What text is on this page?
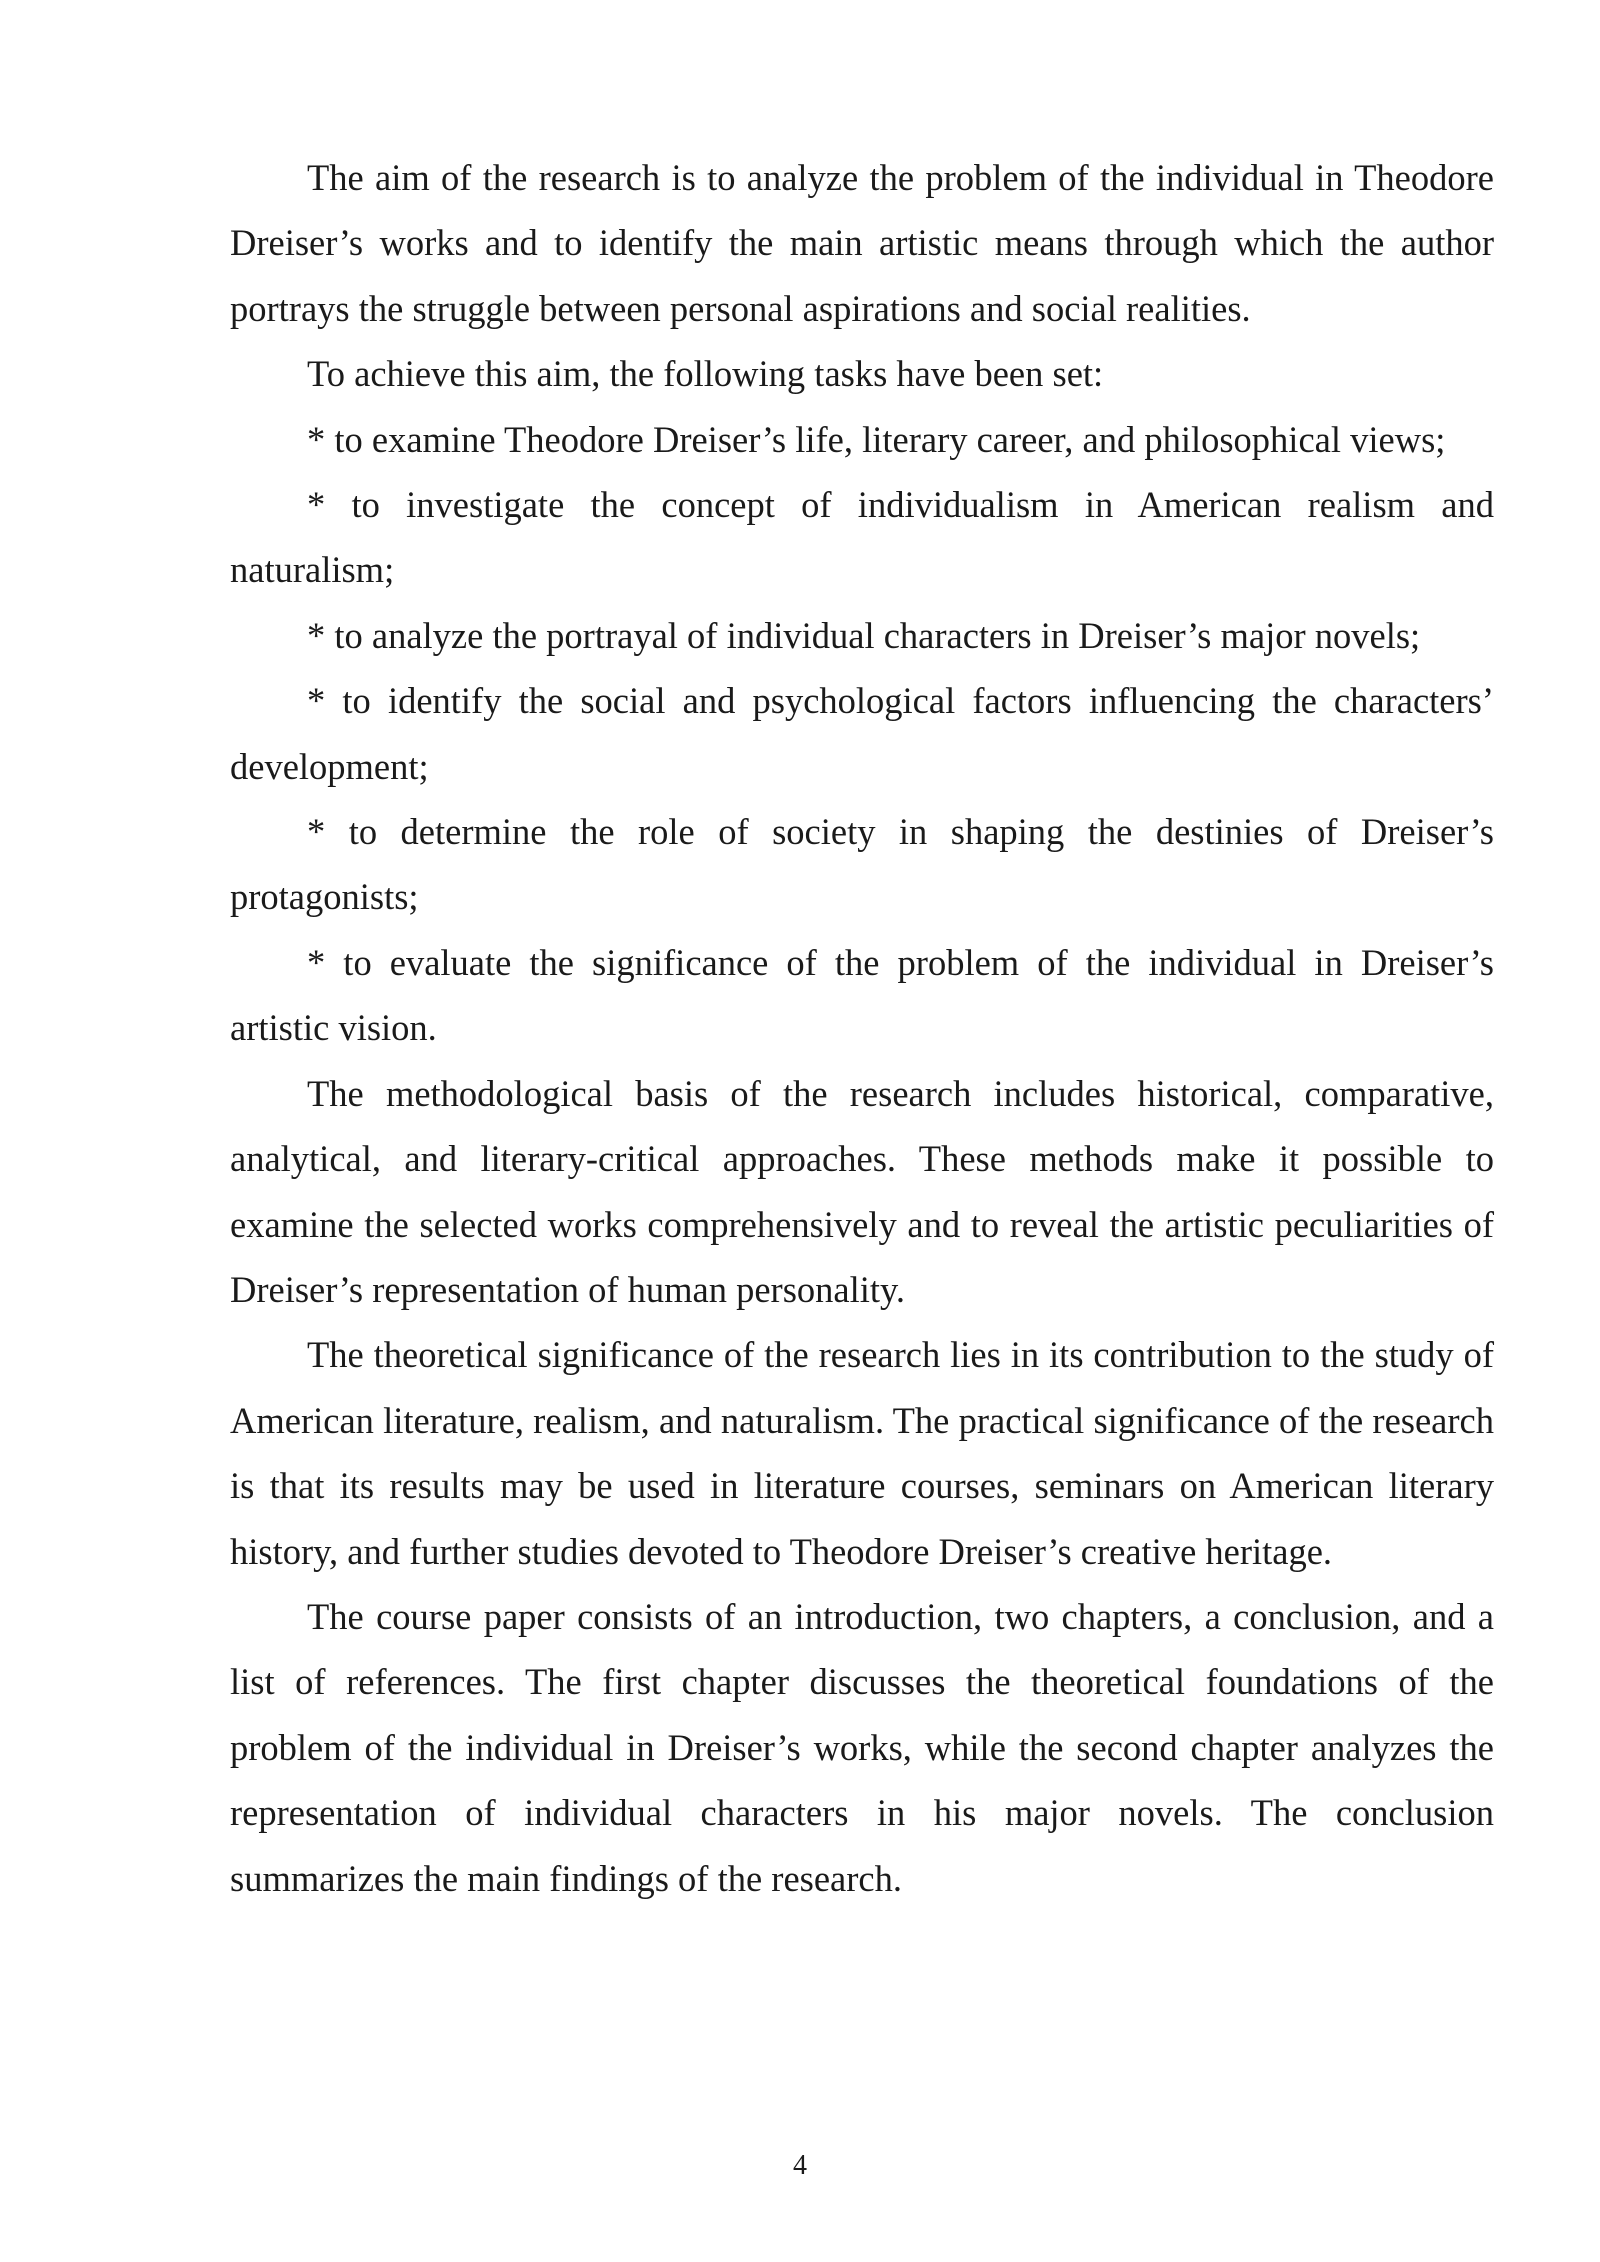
The aim of the research is to analyze the problem of the individual in Theodore Dreiser’s works and to identify the main artistic means through which the author portrays the struggle between personal aspirations and social realities.

To achieve this aim, the following tasks have been set:

* to examine Theodore Dreiser’s life, literary career, and philosophical views;

* to investigate the concept of individualism in American realism and naturalism;

* to analyze the portrayal of individual characters in Dreiser’s major novels;

* to identify the social and psychological factors influencing the characters’ development;

* to determine the role of society in shaping the destinies of Dreiser’s protagonists;

* to evaluate the significance of the problem of the individual in Dreiser’s artistic vision.

The methodological basis of the research includes historical, comparative, analytical, and literary-critical approaches. These methods make it possible to examine the selected works comprehensively and to reveal the artistic peculiarities of Dreiser’s representation of human personality.

The theoretical significance of the research lies in its contribution to the study of American literature, realism, and naturalism. The practical significance of the research is that its results may be used in literature courses, seminars on American literary history, and further studies devoted to Theodore Dreiser’s creative heritage.

The course paper consists of an introduction, two chapters, a conclusion, and a list of references. The first chapter discusses the theoretical foundations of the problem of the individual in Dreiser’s works, while the second chapter analyzes the representation of individual characters in his major novels. The conclusion summarizes the main findings of the research.

4
